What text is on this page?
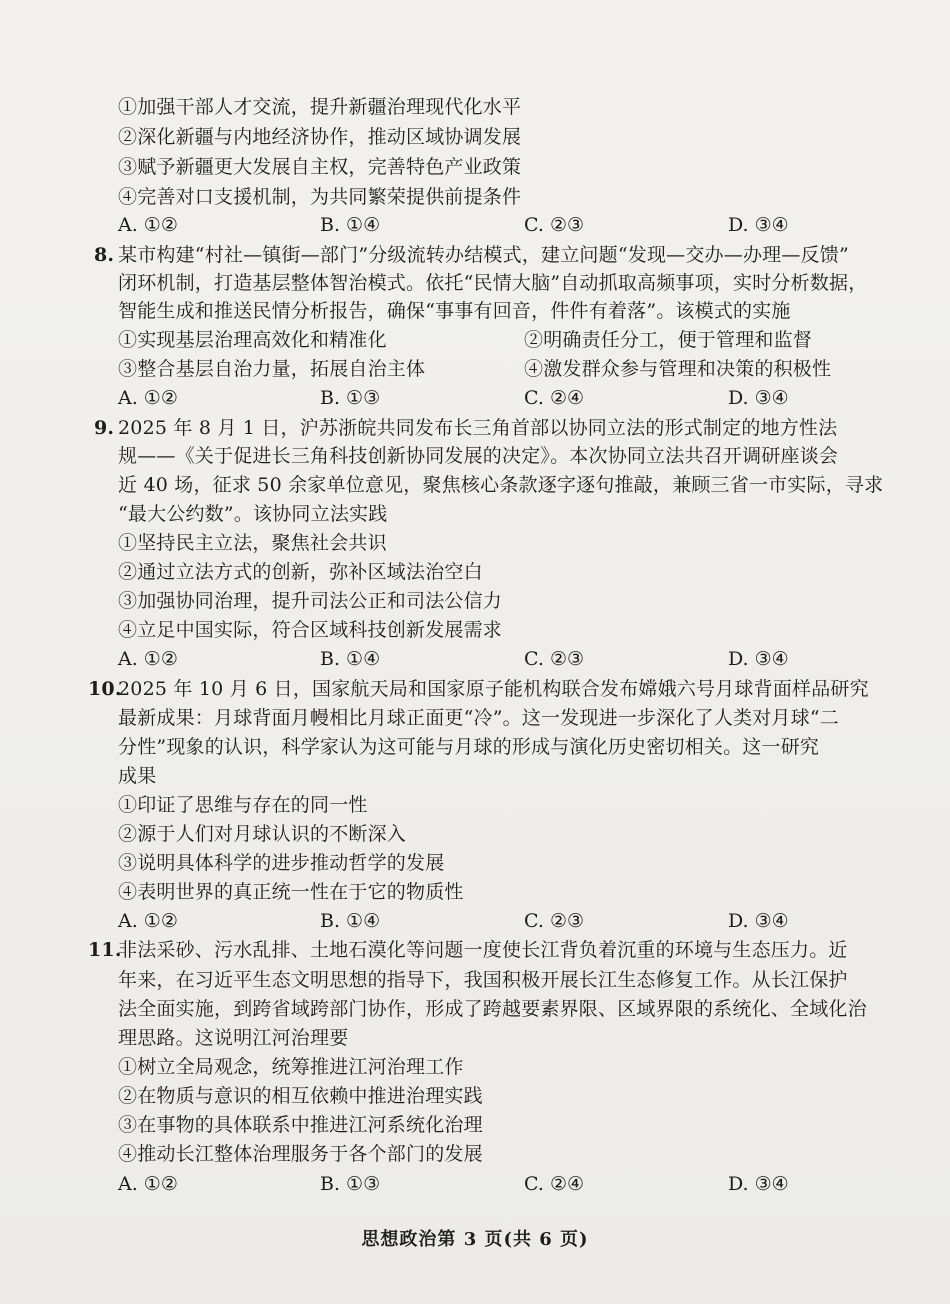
①加强干部人才交流，提升新疆治理现代化水平
②深化新疆与内地经济协作，推动区域协调发展
③赋予新疆更大发展自主权，完善特色产业政策
④完善对口支援机制，为共同繁荣提供前提条件
A. ①②	B. ①④	C. ②③	D. ③④
8. 某市构建“村社—镇街—部门”分级流转办结模式，建立问题“发现—交办—办理—反馈”
闭环机制，打造基层整体智治模式。依托“民情大脑”自动抓取高频事项，实时分析数据，
智能生成和推送民情分析报告，确保“事事有回音，件件有着落”。该模式的实施
①实现基层治理高效化和精准化	②明确责任分工，便于管理和监督
③整合基层自治力量，拓展自治主体	④激发群众参与管理和决策的积极性
A. ①②	B. ①③	C. ②④	D. ③④
9. 2025 年 8 月 1 日，沪苏浙皖共同发布长三角首部以协同立法的形式制定的地方性法
规——《关于促进长三角科技创新协同发展的决定》。本次协同立法共召开调研座谈会
近 40 场，征求 50 余家单位意见，聚焦核心条款逐字逐句推敲，兼顾三省一市实际，寻求
“最大公约数”。该协同立法实践
①坚持民主立法，聚焦社会共识
②通过立法方式的创新，弥补区域法治空白
③加强协同治理，提升司法公正和司法公信力
④立足中国实际，符合区域科技创新发展需求
A. ①②	B. ①④	C. ②③	D. ③④
10.
2025 年 10 月 6 日，国家航天局和国家原子能机构联合发布嫦娥六号月球背面样品研究
最新成果：月球背面月幔相比月球正面更“冷”。这一发现进一步深化了人类对月球“二
分性”现象的认识，科学家认为这可能与月球的形成与演化历史密切相关。这一研究
成果
①印证了思维与存在的同一性
②源于人们对月球认识的不断深入
③说明具体科学的进步推动哲学的发展
④表明世界的真正统一性在于它的物质性
A. ①②	B. ①④	C. ②③	D. ③④
11.
非法采砂、污水乱排、土地石漠化等问题一度使长江背负着沉重的环境与生态压力。近
年来，在习近平生态文明思想的指导下，我国积极开展长江生态修复工作。从长江保护
法全面实施，到跨省域跨部门协作，形成了跨越要素界限、区域界限的系统化、全域化治
理思路。这说明江河治理要
①树立全局观念，统筹推进江河治理工作
②在物质与意识的相互依赖中推进治理实践
③在事物的具体联系中推进江河系统化治理
④推动长江整体治理服务于各个部门的发展
A. ①②	B. ①③	C. ②④	D. ③④
思想政治第 3 页(共 6 页)
